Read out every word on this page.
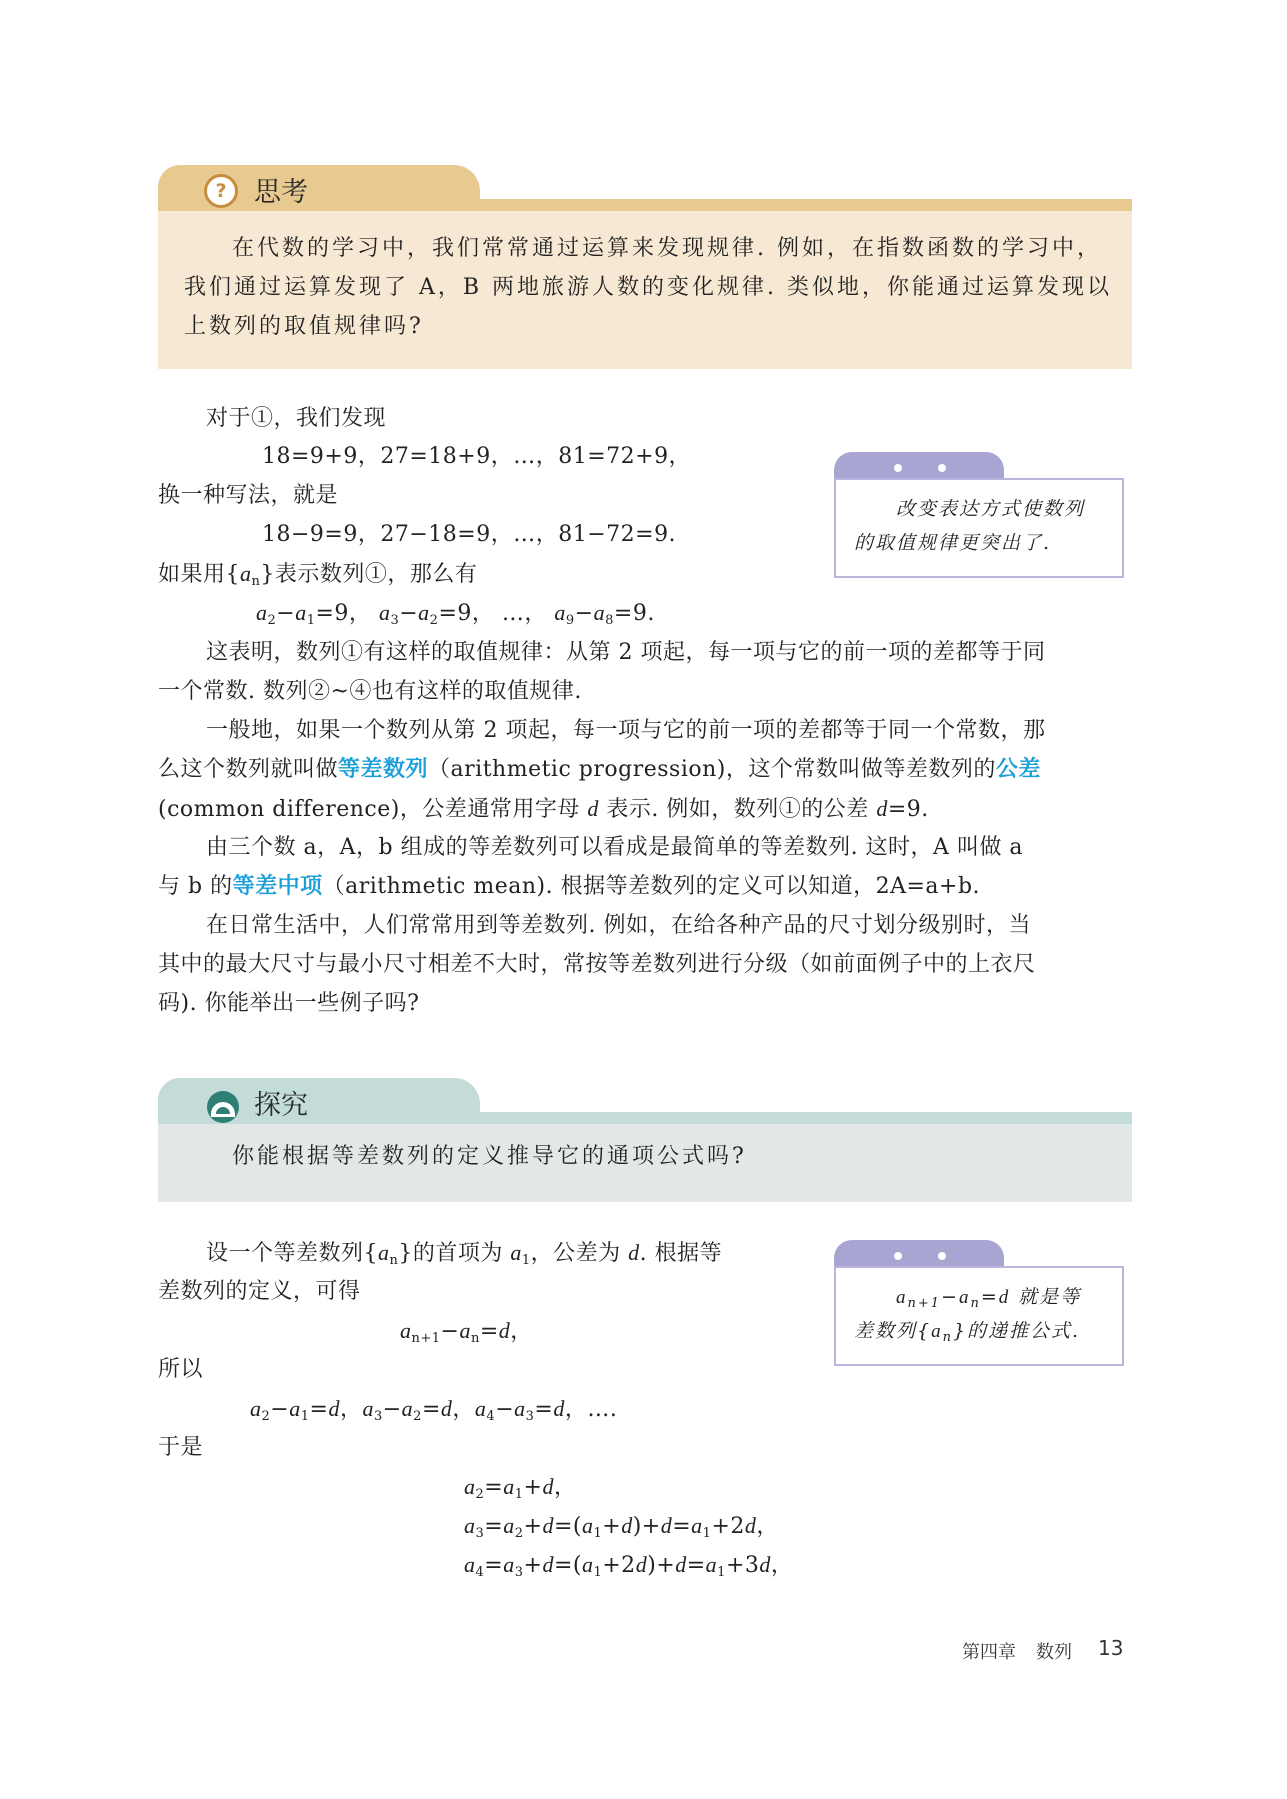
?	思考
在代数的学习中，我们常常通过运算来发现规律. 例如，在指数函数的学习中，
我们通过运算发现了 A，B 两地旅游人数的变化规律. 类似地，你能通过运算发现以
上数列的取值规律吗?
对于①，我们发现
18=9+9，27=18+9，…，81=72+9，
换一种写法，就是
18−9=9，27−18=9，…，81−72=9.
如果用$\{a_n\}$表示数列①，那么有
$a_2-a_1=9$， $a_3-a_2=9$， …， $a_9-a_8=9$.
这表明，数列①有这样的取值规律：从第 2 项起，每一项与它的前一项的差都等于同
一个常数. 数列②~④也有这样的取值规律.
一般地，如果一个数列从第 2 项起，每一项与它的前一项的差都等于同一个常数，那
么这个数列就叫做等差数列（arithmetic progression)，这个常数叫做等差数列的公差
(common difference)，公差通常用字母 d 表示. 例如，数列①的公差 d=9.
由三个数 a，A，b 组成的等差数列可以看成是最简单的等差数列. 这时，A 叫做 a
与 b 的等差中项（arithmetic mean). 根据等差数列的定义可以知道，2A=a+b.
在日常生活中，人们常常用到等差数列. 例如，在给各种产品的尺寸划分级别时，当
其中的最大尺寸与最小尺寸相差不大时，常按等差数列进行分级（如前面例子中的上衣尺
码). 你能举出一些例子吗?
改变表达方式使数列
的取值规律更突出了.
探究
你能根据等差数列的定义推导它的通项公式吗?
设一个等差数列$\{a_n\}$的首项为 $a_1$，公差为 d. 根据等
差数列的定义，可得
$a_{n+1}-a_n=d$，
所以
$a_2-a_1=d$，$a_3-a_2=d$，$a_4-a_3=d$，….
于是
$a_2=a_1+d$，
$a_3=a_2+d=(a_1+d)+d=a_1+2d$，
$a_4=a_3+d=(a_1+2d)+d=a_1+3d$，
$a_{n+1}-a_n=d$ 就是等
差数列$\{a_n\}$的递推公式.
第四章 数列 13
